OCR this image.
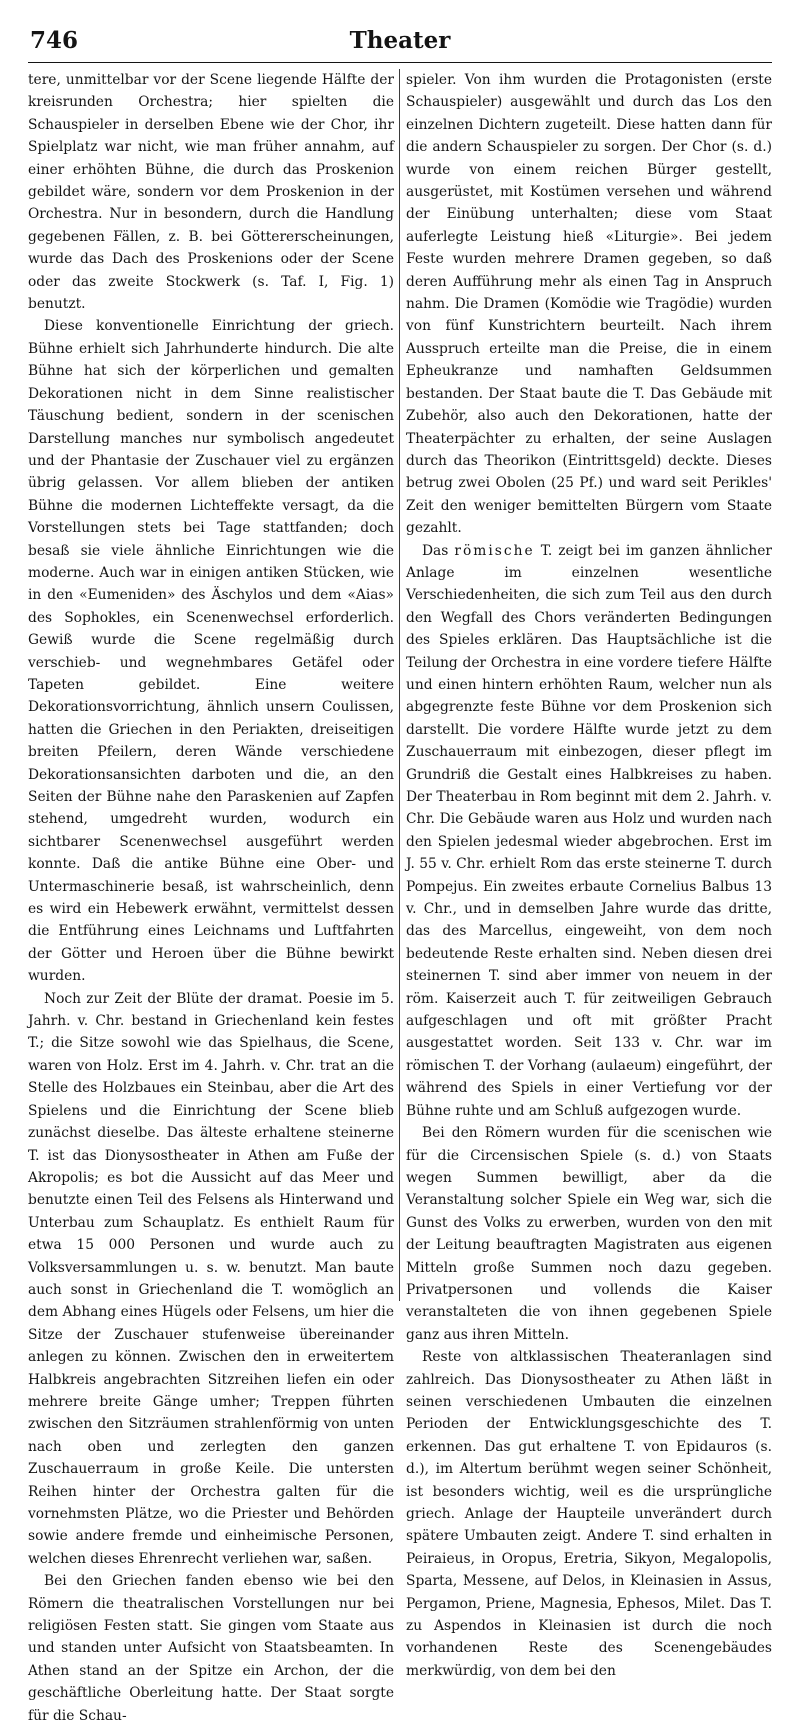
746	Theater

tere, unmittelbar vor der Scene liegende Hälfte der kreisrunden Orchestra; hier spielten die Schauspieler in derselben Ebene wie der Chor, ihr Spielplatz war nicht, wie man früher annahm, auf einer erhöhten Bühne, die durch das Proskenion gebildet wäre, sondern vor dem Proskenion in der Orchestra. Nur in besondern, durch die Handlung gegebenen Fällen, z. B. bei Göttererscheinungen, wurde das Dach des Proskenions oder der Scene oder das zweite Stockwerk (s. Taf. I, Fig. 1) benutzt.

Diese konventionelle Einrichtung der griech. Bühne erhielt sich Jahrhunderte hindurch. Die alte Bühne hat sich der körperlichen und gemalten Dekorationen nicht in dem Sinne realistischer Täuschung bedient, sondern in der scenischen Darstellung manches nur symbolisch angedeutet und der Phantasie der Zuschauer viel zu ergänzen übrig gelassen. Vor allem blieben der antiken Bühne die modernen Lichteffekte versagt, da die Vorstellungen stets bei Tage stattfanden; doch besaß sie viele ähnliche Einrichtungen wie die moderne. Auch war in einigen antiken Stücken, wie in den «Eumeniden» des Äschylos und dem «Aias» des Sophokles, ein Scenenwechsel erforderlich. Gewiß wurde die Scene regelmäßig durch verschieb- und wegnehmbares Getäfel oder Tapeten gebildet. Eine weitere Dekorationsvorrichtung, ähnlich unsern Coulissen, hatten die Griechen in den Periakten, dreiseitigen breiten Pfeilern, deren Wände verschiedene Dekorationsansichten darboten und die, an den Seiten der Bühne nahe den Paraskenien auf Zapfen stehend, umgedreht wurden, wodurch ein sichtbarer Scenenwechsel ausgeführt werden konnte. Daß die antike Bühne eine Ober- und Untermaschinerie besaß, ist wahrscheinlich, denn es wird ein Hebewerk erwähnt, vermittelst dessen die Entführung eines Leichnams und Luftfahrten der Götter und Heroen über die Bühne bewirkt wurden.

Noch zur Zeit der Blüte der dramat. Poesie im 5. Jahrh. v. Chr. bestand in Griechenland kein festes T.; die Sitze sowohl wie das Spielhaus, die Scene, waren von Holz. Erst im 4. Jahrh. v. Chr. trat an die Stelle des Holzbaues ein Steinbau, aber die Art des Spielens und die Einrichtung der Scene blieb zunächst dieselbe. Das älteste erhaltene steinerne T. ist das Dionysostheater in Athen am Fuße der Akropolis; es bot die Aussicht auf das Meer und benutzte einen Teil des Felsens als Hinterwand und Unterbau zum Schauplatz. Es enthielt Raum für etwa 15 000 Personen und wurde auch zu Volksversammlungen u. s. w. benutzt. Man baute auch sonst in Griechenland die T. womöglich an dem Abhang eines Hügels oder Felsens, um hier die Sitze der Zuschauer stufenweise übereinander anlegen zu können. Zwischen den in erweitertem Halbkreis angebrachten Sitzreihen liefen ein oder mehrere breite Gänge umher; Treppen führten zwischen den Sitzräumen strahlenförmig von unten nach oben und zerlegten den ganzen Zuschauerraum in große Keile. Die untersten Reihen hinter der Orchestra galten für die vornehmsten Plätze, wo die Priester und Behörden sowie andere fremde und einheimische Personen, welchen dieses Ehrenrecht verliehen war, saßen.

Bei den Griechen fanden ebenso wie bei den Römern die theatralischen Vorstellungen nur bei religiösen Festen statt. Sie gingen vom Staate aus und standen unter Aufsicht von Staatsbeamten. In Athen stand an der Spitze ein Archon, der die geschäftliche Oberleitung hatte. Der Staat sorgte für die Schau-

spieler. Von ihm wurden die Protagonisten (erste Schauspieler) ausgewählt und durch das Los den einzelnen Dichtern zugeteilt. Diese hatten dann für die andern Schauspieler zu sorgen. Der Chor (s. d.) wurde von einem reichen Bürger gestellt, ausgerüstet, mit Kostümen versehen und während der Einübung unterhalten; diese vom Staat auferlegte Leistung hieß «Liturgie». Bei jedem Feste wurden mehrere Dramen gegeben, so daß deren Aufführung mehr als einen Tag in Anspruch nahm. Die Dramen (Komödie wie Tragödie) wurden von fünf Kunstrichtern beurteilt. Nach ihrem Ausspruch erteilte man die Preise, die in einem Epheukranze und namhaften Geldsummen bestanden. Der Staat baute die T. Das Gebäude mit Zubehör, also auch den Dekorationen, hatte der Theaterpächter zu erhalten, der seine Auslagen durch das Theorikon (Eintrittsgeld) deckte. Dieses betrug zwei Obolen (25 Pf.) und ward seit Perikles' Zeit den weniger bemittelten Bürgern vom Staate gezahlt.

Das römische T. zeigt bei im ganzen ähnlicher Anlage im einzelnen wesentliche Verschiedenheiten, die sich zum Teil aus den durch den Wegfall des Chors veränderten Bedingungen des Spieles erklären. Das Hauptsächliche ist die Teilung der Orchestra in eine vordere tiefere Hälfte und einen hintern erhöhten Raum, welcher nun als abgegrenzte feste Bühne vor dem Proskenion sich darstellt. Die vordere Hälfte wurde jetzt zu dem Zuschauerraum mit einbezogen, dieser pflegt im Grundriß die Gestalt eines Halbkreises zu haben. Der Theaterbau in Rom beginnt mit dem 2. Jahrh. v. Chr. Die Gebäude waren aus Holz und wurden nach den Spielen jedesmal wieder abgebrochen. Erst im J. 55 v. Chr. erhielt Rom das erste steinerne T. durch Pompejus. Ein zweites erbaute Cornelius Balbus 13 v. Chr., und in demselben Jahre wurde das dritte, das des Marcellus, eingeweiht, von dem noch bedeutende Reste erhalten sind. Neben diesen drei steinernen T. sind aber immer von neuem in der röm. Kaiserzeit auch T. für zeitweiligen Gebrauch aufgeschlagen und oft mit größter Pracht ausgestattet worden. Seit 133 v. Chr. war im römischen T. der Vorhang (aulaeum) eingeführt, der während des Spiels in einer Vertiefung vor der Bühne ruhte und am Schluß aufgezogen wurde.

Bei den Römern wurden für die scenischen wie für die Circensischen Spiele (s. d.) von Staats wegen Summen bewilligt, aber da die Veranstaltung solcher Spiele ein Weg war, sich die Gunst des Volks zu erwerben, wurden von den mit der Leitung beauftragten Magistraten aus eigenen Mitteln große Summen noch dazu gegeben. Privatpersonen und vollends die Kaiser veranstalteten die von ihnen gegebenen Spiele ganz aus ihren Mitteln.

Reste von altklassischen Theateranlagen sind zahlreich. Das Dionysostheater zu Athen läßt in seinen verschiedenen Umbauten die einzelnen Perioden der Entwicklungsgeschichte des T. erkennen. Das gut erhaltene T. von Epidauros (s. d.), im Altertum berühmt wegen seiner Schönheit, ist besonders wichtig, weil es die ursprüngliche griech. Anlage der Haupteile unverändert durch spätere Umbauten zeigt. Andere T. sind erhalten in Peiraieus, in Oropus, Eretria, Sikyon, Megalopolis, Sparta, Messene, auf Delos, in Kleinasien in Assus, Pergamon, Priene, Magnesia, Ephesos, Milet. Das T. zu Aspendos in Kleinasien ist durch die noch vorhandenen Reste des Scenengebäudes merkwürdig, von dem bei den
